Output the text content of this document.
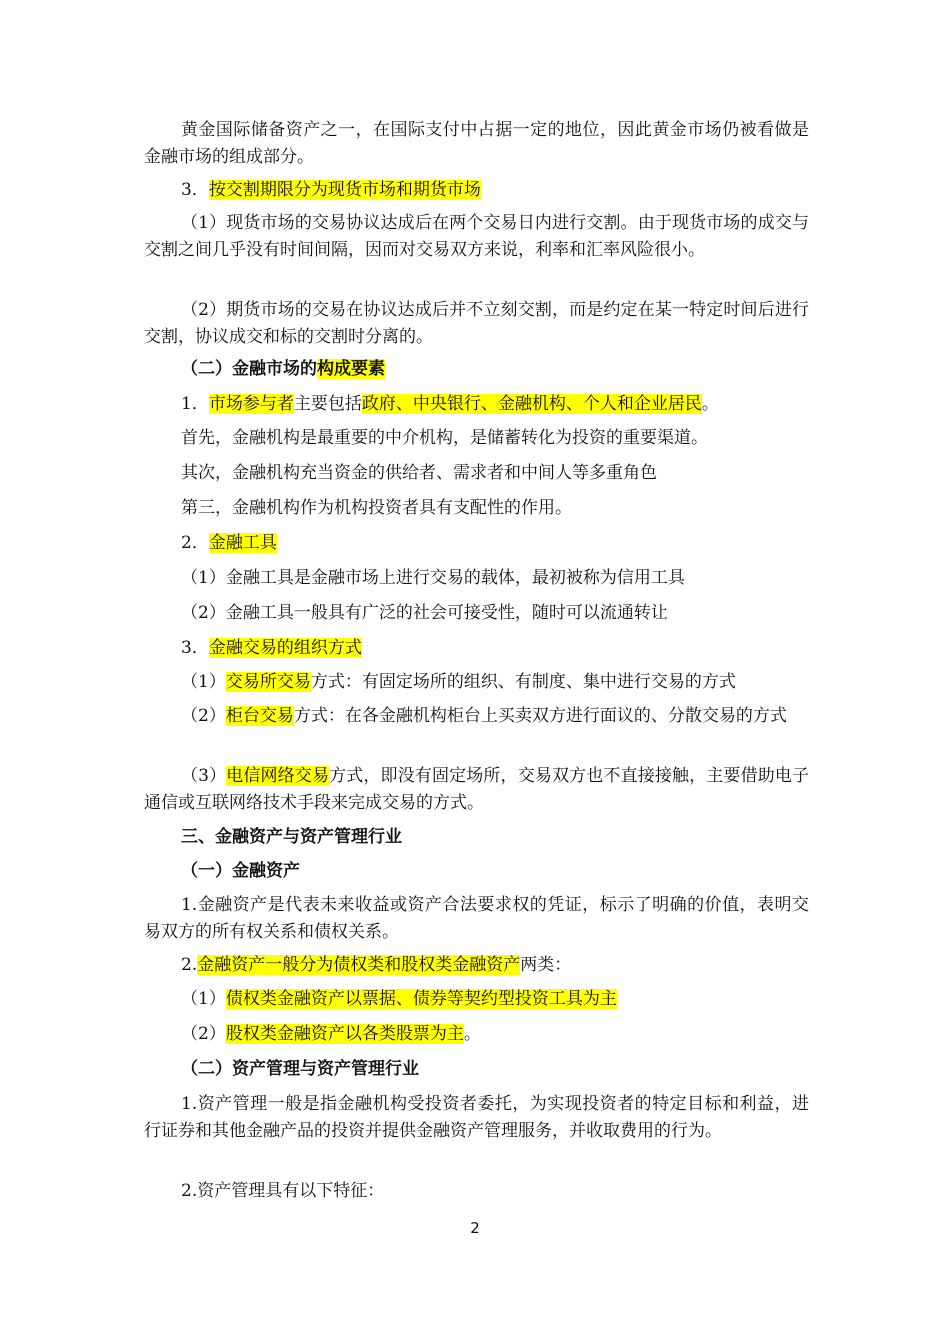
黄金国际储备资产之一，在国际支付中占据一定的地位，因此黄金市场仍被看做是金融市场的组成部分。
3．按交割期限分为现货市场和期货市场
（1）现货市场的交易协议达成后在两个交易日内进行交割。由于现货市场的成交与交割之间几乎没有时间间隔，因而对交易双方来说，利率和汇率风险很小。
（2）期货市场的交易在协议达成后并不立刻交割，而是约定在某一特定时间后进行交割，协议成交和标的交割时分离的。
（二）金融市场的构成要素
1．市场参与者主要包括政府、中央银行、金融机构、个人和企业居民。
首先，金融机构是最重要的中介机构，是储蓄转化为投资的重要渠道。
其次，金融机构充当资金的供给者、需求者和中间人等多重角色
第三，金融机构作为机构投资者具有支配性的作用。
2．金融工具
（1）金融工具是金融市场上进行交易的载体，最初被称为信用工具
（2）金融工具一般具有广泛的社会可接受性，随时可以流通转让
3．金融交易的组织方式
（1）交易所交易方式：有固定场所的组织、有制度、集中进行交易的方式
（2）柜台交易方式：在各金融机构柜台上买卖双方进行面议的、分散交易的方式
（3）电信网络交易方式，即没有固定场所，交易双方也不直接接触，主要借助电子通信或互联网络技术手段来完成交易的方式。
三、金融资产与资产管理行业
（一）金融资产
1.金融资产是代表未来收益或资产合法要求权的凭证，标示了明确的价值，表明交易双方的所有权关系和债权关系。
2.金融资产一般分为债权类和股权类金融资产两类：
（1）债权类金融资产以票据、债券等契约型投资工具为主
（2）股权类金融资产以各类股票为主。
（二）资产管理与资产管理行业
1.资产管理一般是指金融机构受投资者委托，为实现投资者的特定目标和利益，进行证券和其他金融产品的投资并提供金融资产管理服务，并收取费用的行为。
2.资产管理具有以下特征：
2
